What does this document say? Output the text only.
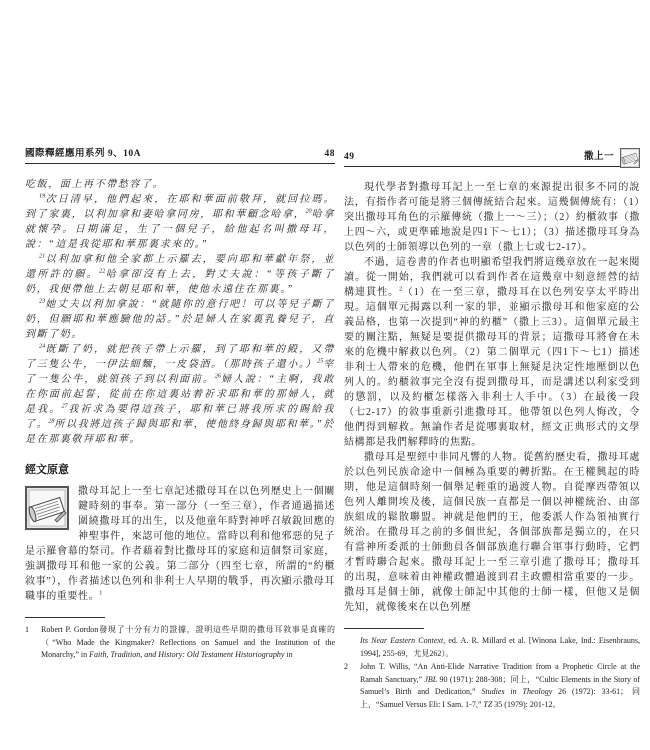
國際釋經應用系列 9、10A	48

吃飯，面上再不帶愁容了。

$^{19}$次日清早，他們起來，在耶和華面前敬拜，就回拉瑪。到了家裏，以利加拿和妻哈拿同房，耶和華顧念哈拿，$^{20}$哈拿就懷孕。日期滿足，生了一個兒子，給他起名叫撒母耳，說：“這是我從耶和華那裏求來的。”

$^{21}$以利加拿和他全家都上示羅去，要向耶和華獻年祭，並還所許的願。$^{22}$哈拿卻沒有上去，對丈夫說：“等孩子斷了奶，我便帶他上去朝見耶和華，使他永遠住在那裏。”

$^{23}$她丈夫以利加拿說：“就隨你的意行吧！可以等兒子斷了奶，但願耶和華應驗他的話。”於是婦人在家裏乳養兒子，直到斷了奶。

$^{24}$既斷了奶，就把孩子帶上示羅，到了耶和華的殿，又帶了三隻公牛，一伊法細麵，一皮袋酒。（那時孩子還小。）$^{25}$宰了一隻公牛，就領孩子到以利面前。$^{26}$婦人說：“主啊，我敢在你面前起誓，從前在你這裏站着祈求耶和華的那婦人，就是我。$^{27}$我祈求為要得這孩子，耶和華已將我所求的賜給我了。$^{28}$所以我將這孩子歸與耶和華，使他終身歸與耶和華。”於是在那裏敬拜耶和華。

經文原意
撒母耳記上一至七章記述撒母耳在以色列歷史上一個關鍵時刻的事奉。第一部分（一至三章），作者通過描述圍繞撒母耳的出生，以及他童年時對神呼召敏銳回應的神聖事件，來認可他的地位。當時以利和他邪惡的兒子是示羅會幕的祭司。作者藉着對比撒母耳的家庭和這個祭司家庭，強調撒母耳和他一家的公義。第二部分（四至七章，所謂的“約櫃敘事”），作者描述以色列和非利士人早期的戰爭，再次顯示撒母耳職事的重要性。$^1$
1	Robert P. Gordon發現了十分有力的證據，證明這些早期的撒母耳敘事是真確的（“Who Made the Kingmaker? Reflections on Samuel and the Institution of the Monarchy,” in Faith, Tradition, and History: Old Testament Historiography in
49	撒上一

現代學者對撒母耳記上一至七章的來源提出很多不同的說法，有指作者可能是將三個傳統結合起來。這幾個傳統有：（1）突出撒母耳角色的示羅傳統（撒上一～三）；（2）約櫃敘事（撒上四～六，或更準確地說是四1下～七1）；（3）描述撒母耳身為以色列的士師領導以色列的一章（撒上七或七2-17）。

不過，這卷書的作者也明顯希望我們將這幾章放在一起來閱讀。從一開始，我們就可以看到作者在這幾章中刻意經營的結構連貫性。$^2$（1）在一至三章，撒母耳在以色列安享太平時出現。這個單元揭露以利一家的罪，並顯示撒母耳和他家庭的公義品格，也第一次提到“神的約櫃”（撒上三3）。這個單元最主要的關注點，無疑是要提供撒母耳的背景；這撒母耳將會在未來的危機中解救以色列。（2）第二個單元（四1下～七1）描述非利士人帶來的危機，他們在軍事上無疑是決定性地壓倒以色列人的。約櫃敘事完全沒有提到撒母耳，而是講述以利家受到的懲罰，以及約櫃怎樣落入非利士人手中。（3）在最後一段（七2-17）的敘事重新引進撒母耳。他帶領以色列人悔改，令他們得到解救。無論作者是從哪裏取材，經文正典形式的文學結構都是我們解釋時的焦點。

撒母耳是聖經中非同凡響的人物。從舊約歷史看，撒母耳處於以色列民族命途中一個極為重要的轉折點。在王權興起的時期，他是這個時刻一個舉足輕重的過渡人物。自從摩西帶領以色列人離開埃及後，這個民族一直都是一個以神權統治、由部族組成的鬆散聯盟。神就是他們的王，他委派人作為領袖實行統治。在撒母耳之前的多個世紀，各個部族都是獨立的，在只有當神所委派的士師動員各個部族進行聯合軍事行動時，它們才暫時聯合起來。撒母耳記上一至三章引進了撒母耳；撒母耳的出現，意味着由神權政體過渡到君主政體相當重要的一步。撒母耳是個士師，就像士師記中其他的士師一樣，但他又是個先知，就像後來在以色列歷

Its Near Eastern Context, ed. A. R. Millard et al. [Winona Lake, Ind.: Eisenbrauns, 1994], 255-69，尤見262）。
2	John T. Willis, “An Anti-Elide Narrative Tradition from a Prophetic Circle at the Ramah Sanctuary,” JBL 90 (1971): 288-308；同上，“Cultic Elements in the Story of Samuel’s Birth and Dedication,” Studies in Theology 26 (1972): 33-61；同上，“Samuel Versus Eli: I Sam. 1-7,” TZ 35 (1979): 201-12。
